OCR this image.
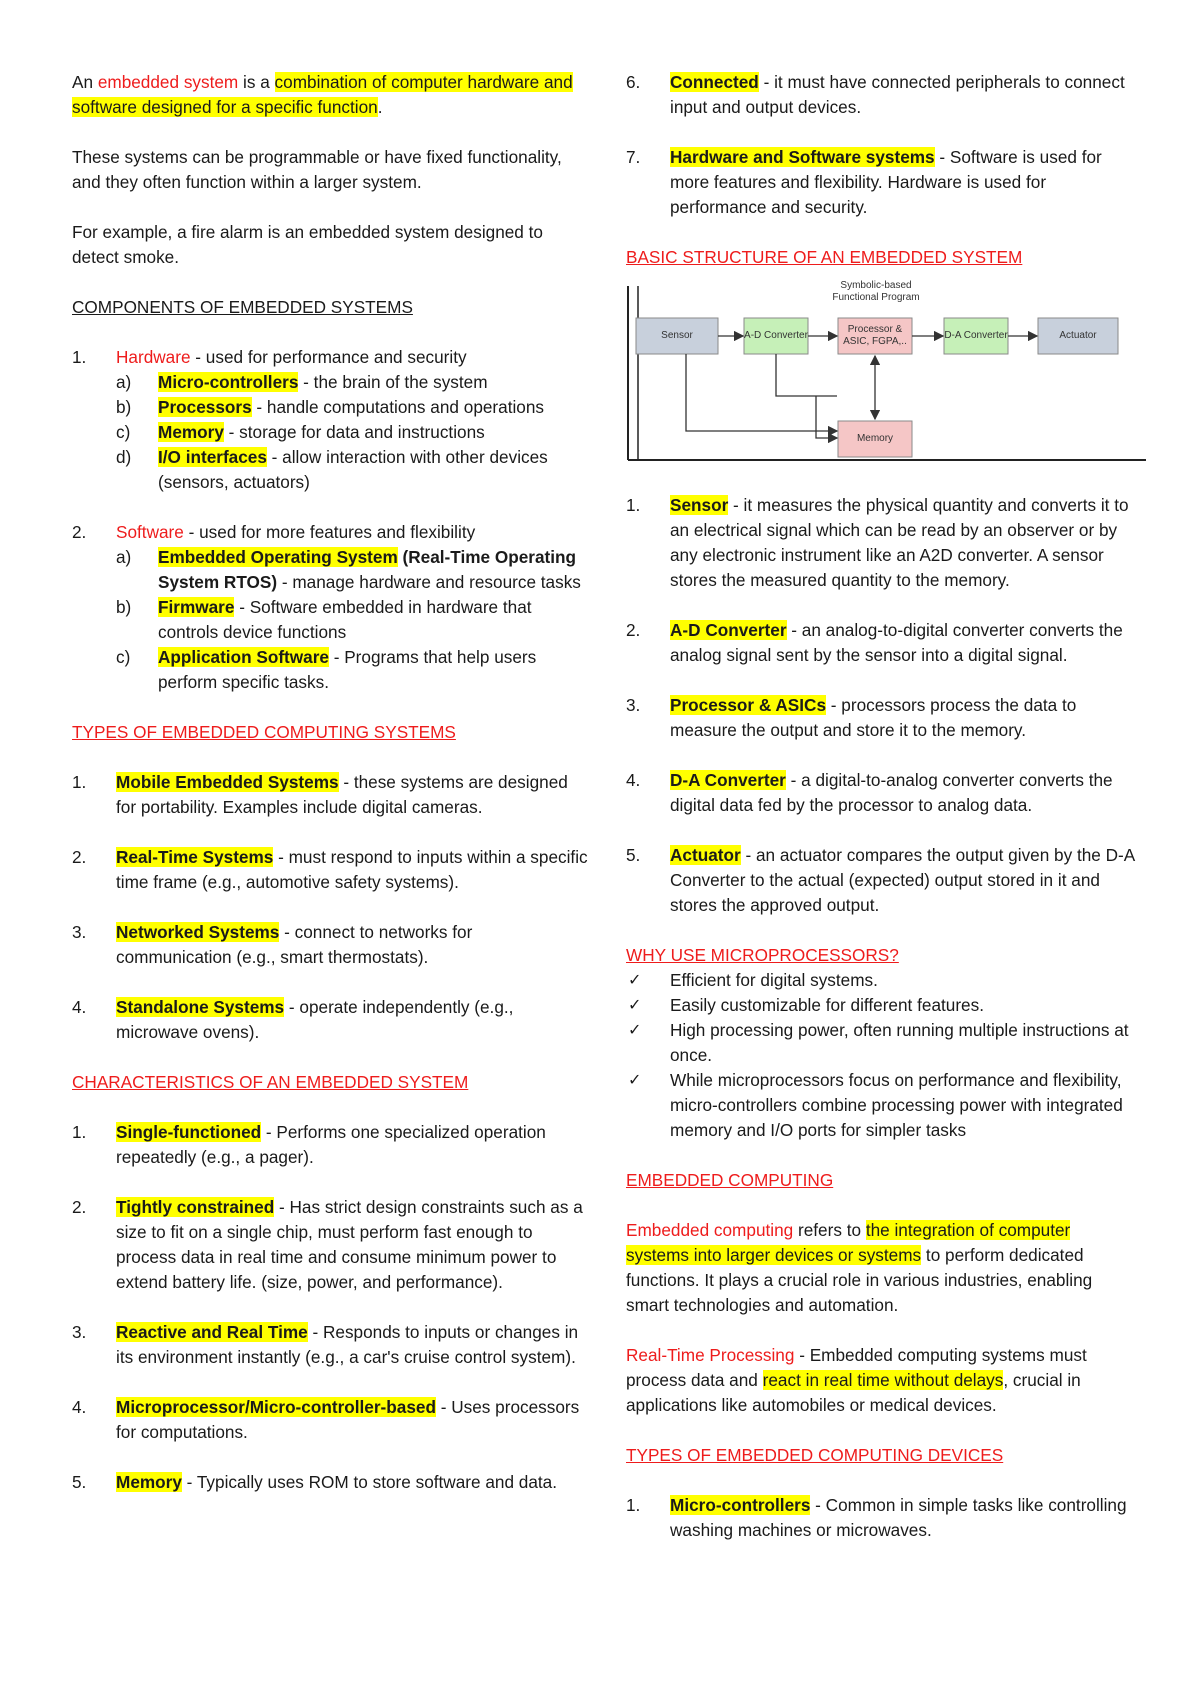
An embedded system is a combination of computer hardware and software designed for a specific function.

These systems can be programmable or have fixed functionality, and they often function within a larger system.

For example, a fire alarm is an embedded system designed to detect smoke.

COMPONENTS OF EMBEDDED SYSTEMS

1. Hardware - used for performance and security
a) Micro-controllers - the brain of the system
b) Processors - handle computations and operations
c) Memory - storage for data and instructions
d) I/O interfaces - allow interaction with other devices (sensors, actuators)
2. Software - used for more features and flexibility
a) Embedded Operating System (Real-Time Operating System RTOS) - manage hardware and resource tasks
b) Firmware - Software embedded in hardware that controls device functions
c) Application Software - Programs that help users perform specific tasks.

TYPES OF EMBEDDED COMPUTING SYSTEMS

1. Mobile Embedded Systems - these systems are designed for portability. Examples include digital cameras.
2. Real-Time Systems - must respond to inputs within a specific time frame (e.g., automotive safety systems).
3. Networked Systems - connect to networks for communication (e.g., smart thermostats).
4. Standalone Systems - operate independently (e.g., microwave ovens).

CHARACTERISTICS OF AN EMBEDDED SYSTEM

1. Single-functioned - Performs one specialized operation repeatedly (e.g., a pager).
2. Tightly constrained - Has strict design constraints such as a size to fit on a single chip, must perform fast enough to process data in real time and consume minimum power to extend battery life. (size, power, and performance).
3. Reactive and Real Time - Responds to inputs or changes in its environment instantly (e.g., a car's cruise control system).
4. Microprocessor/Micro-controller-based - Uses processors for computations.
5. Memory - Typically uses ROM to store software and data.
6. Connected - it must have connected peripherals to connect input and output devices.
7. Hardware and Software systems - Software is used for more features and flexibility. Hardware is used for performance and security.

BASIC STRUCTURE OF AN EMBEDDED SYSTEM

Symbolic-based Functional Program
Sensor	A-D Converter
Processor & ASIC, FGPA,..
D-A Converter	Actuator
Memory
1. Sensor - it measures the physical quantity and converts it to an electrical signal which can be read by an observer or by any electronic instrument like an A2D converter. A sensor stores the measured quantity to the memory.
2. A-D Converter - an analog-to-digital converter converts the analog signal sent by the sensor into a digital signal.
3. Processor & ASICs - processors process the data to measure the output and store it to the memory.
4. D-A Converter - a digital-to-analog converter converts the digital data fed by the processor to analog data.
5. Actuator - an actuator compares the output given by the D-A Converter to the actual (expected) output stored in it and stores the approved output.

WHY USE MICROPROCESSORS?

✓ Efficient for digital systems.
✓ Easily customizable for different features.
✓ High processing power, often running multiple instructions at once.
✓ While microprocessors focus on performance and flexibility, micro-controllers combine processing power with integrated memory and I/O ports for simpler tasks

EMBEDDED COMPUTING

Embedded computing refers to the integration of computer systems into larger devices or systems to perform dedicated functions. It plays a crucial role in various industries, enabling smart technologies and automation.

Real-Time Processing - Embedded computing systems must process data and react in real time without delays, crucial in applications like automobiles or medical devices.

TYPES OF EMBEDDED COMPUTING DEVICES

1. Micro-controllers - Common in simple tasks like controlling washing machines or microwaves.
